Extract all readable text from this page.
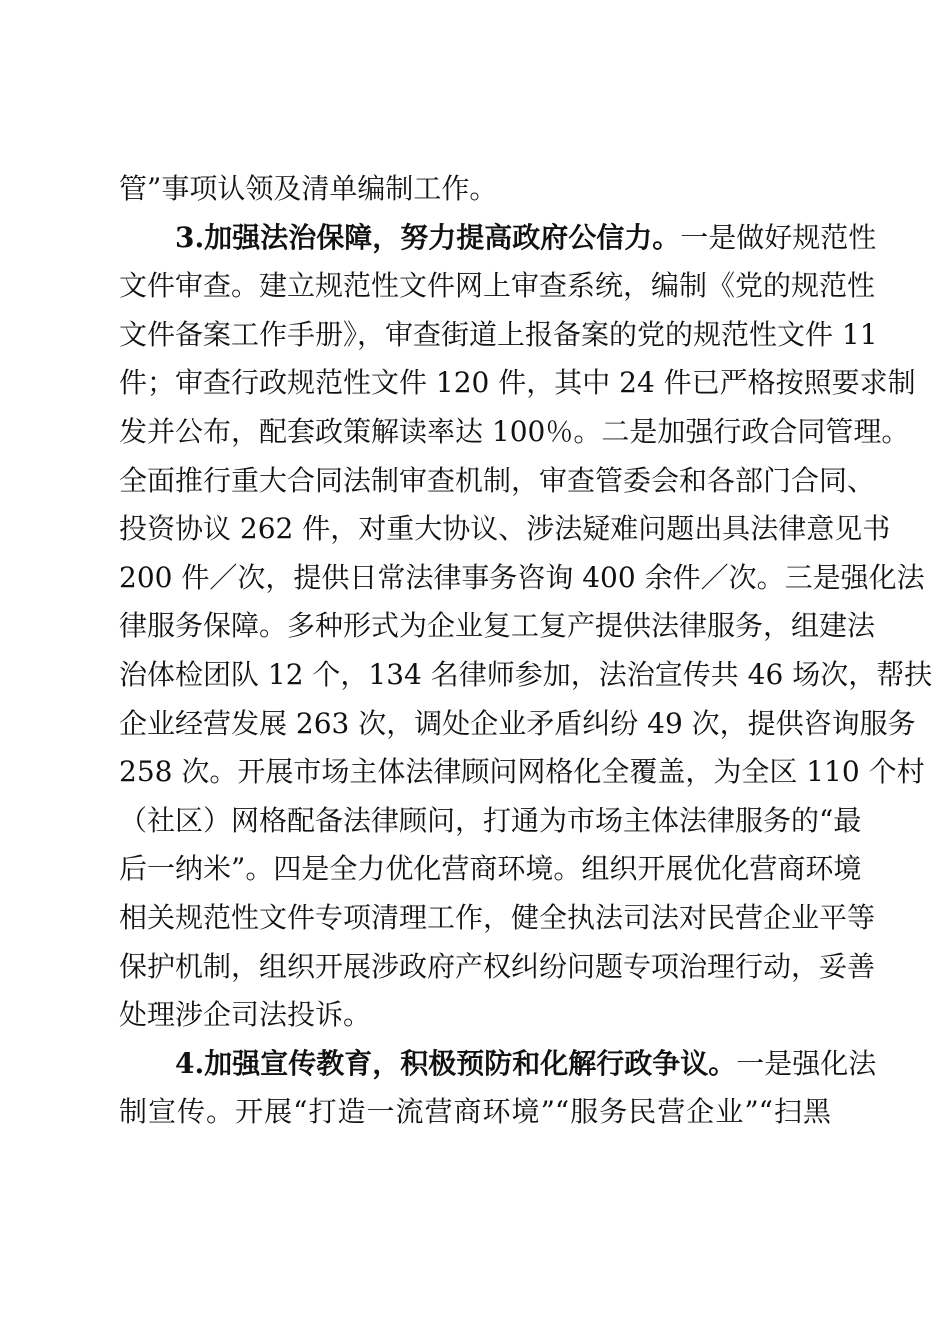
管”事项认领及清单编制工作。
3.加强法治保障，努力提高政府公信力。一是做好规范性
文件审查。建立规范性文件网上审查系统，编制《党的规范性
文件备案工作手册》，审查街道上报备案的党的规范性文件 11
件；审查行政规范性文件 120 件，其中 24 件已严格按照要求制
发并公布，配套政策解读率达 100％。二是加强行政合同管理。
全面推行重大合同法制审查机制，审查管委会和各部门合同、
投资协议 262 件，对重大协议、涉法疑难问题出具法律意见书
200 件／次，提供日常法律事务咨询 400 余件／次。三是强化法
律服务保障。多种形式为企业复工复产提供法律服务，组建法
治体检团队 12 个，134 名律师参加，法治宣传共 46 场次，帮扶
企业经营发展 263 次，调处企业矛盾纠纷 49 次，提供咨询服务
258 次。开展市场主体法律顾问网格化全覆盖，为全区 110 个村
（社区）网格配备法律顾问，打通为市场主体法律服务的“最
后一纳米”。四是全力优化营商环境。组织开展优化营商环境
相关规范性文件专项清理工作，健全执法司法对民营企业平等
保护机制，组织开展涉政府产权纠纷问题专项治理行动，妥善
处理涉企司法投诉。
4.加强宣传教育，积极预防和化解行政争议。一是强化法
制宣传。开展“打造一流营商环境”“服务民营企业”“扫黑
